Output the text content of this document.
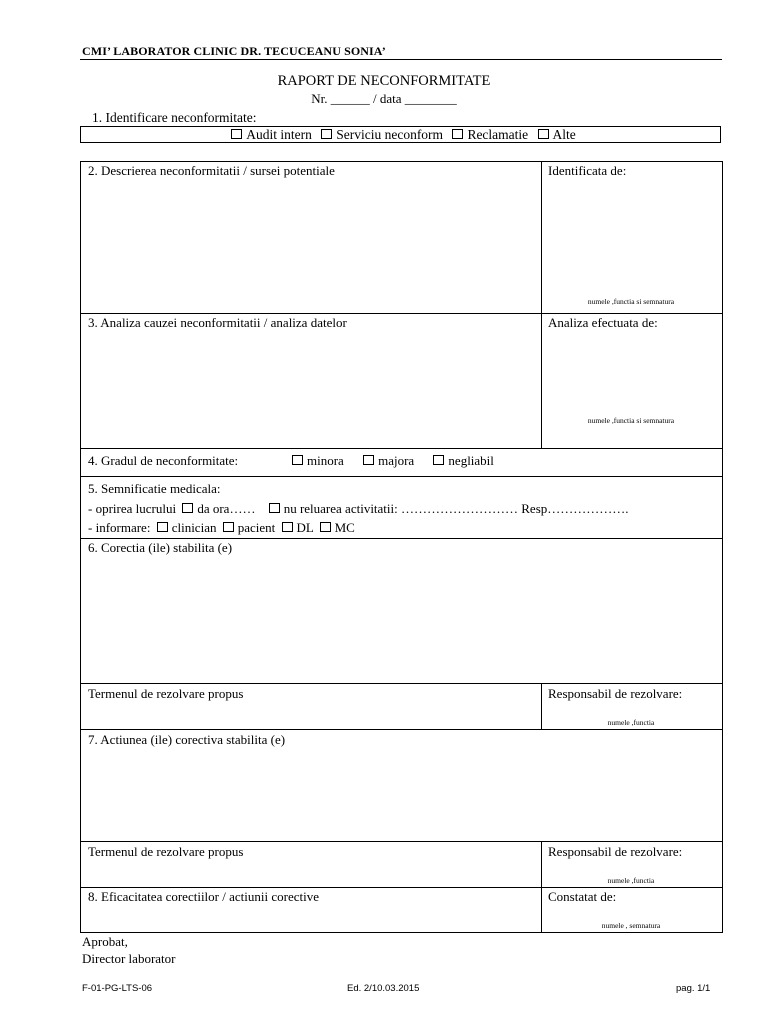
CMI’ LABORATOR CLINIC DR. TECUCEANU SONIA’
RAPORT DE NECONFORMITATE
Nr. ______ / data ________
1. Identificare neconformitate:
Audit intern Serviciu neconform Reclamatie Alte
2. Descrierea neconformitatii / sursei potentiale	Identificata de:
numele ,functia si semnatura
3. Analiza cauzei neconformitatii / analiza datelor	Analiza efectuata de:
numele ,functia si semnatura
4. Gradul de neconformitate:	minora	majora	negliabil
5. Semnificatie medicala:
- oprirea lucrului da ora…… nu reluarea activitatii: ……………………… Resp……………….
- informare: clinician pacient DL MC
6. Corectia (ile) stabilita (e)
Termenul de rezolvare propus	Responsabil de rezolvare:
numele ,functia
7. Actiunea (ile) corectiva stabilita (e)
Termenul de rezolvare propus	Responsabil de rezolvare:
numele ,functia
8. Eficacitatea corectiilor / actiunii corective	Constatat de:
numele , semnatura
Aprobat,
Director laborator
F-01-PG-LTS-06	Ed. 2/10.03.2015	pag. 1/1
